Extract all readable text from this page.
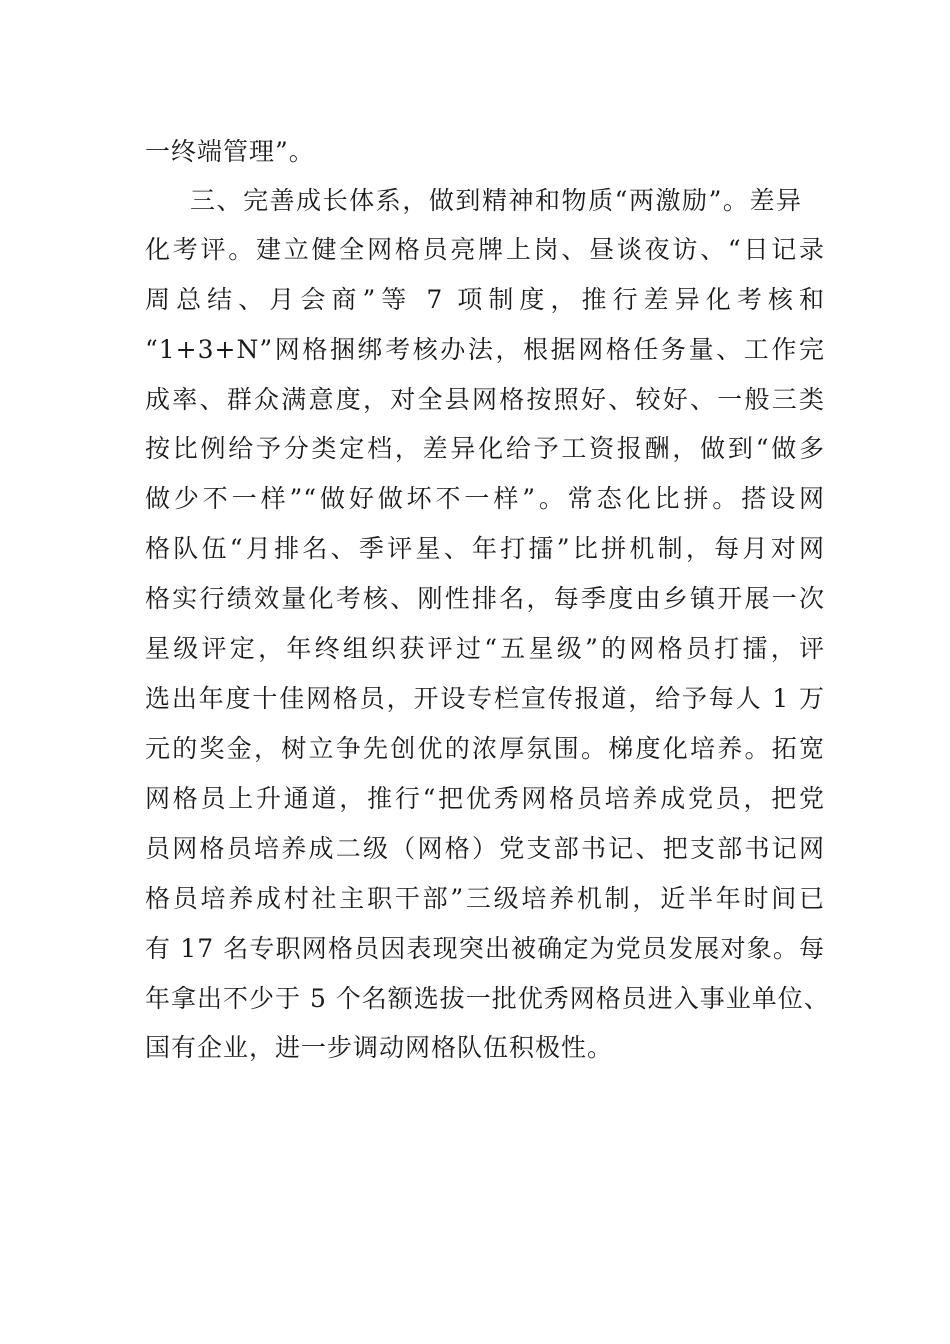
一终端管理”。
三、完善成长体系，做到精神和物质“两激励”。差异
化考评。建立健全网格员亮牌上岗、昼谈夜访、“日记录
周总结、月会商”等 7 项制度，推行差异化考核和
“1+3+N”网格捆绑考核办法，根据网格任务量、工作完
成率、群众满意度，对全县网格按照好、较好、一般三类
按比例给予分类定档，差异化给予工资报酬，做到“做多
做少不一样”“做好做坏不一样”。常态化比拼。搭设网
格队伍“月排名、季评星、年打擂”比拼机制，每月对网
格实行绩效量化考核、刚性排名，每季度由乡镇开展一次
星级评定，年终组织获评过“五星级”的网格员打擂，评
选出年度十佳网格员，开设专栏宣传报道，给予每人 1 万
元的奖金，树立争先创优的浓厚氛围。梯度化培养。拓宽
网格员上升通道，推行“把优秀网格员培养成党员，把党
员网格员培养成二级（网格）党支部书记、把支部书记网
格员培养成村社主职干部”三级培养机制，近半年时间已
有 17 名专职网格员因表现突出被确定为党员发展对象。每
年拿出不少于 5 个名额选拔一批优秀网格员进入事业单位、
国有企业，进一步调动网格队伍积极性。
